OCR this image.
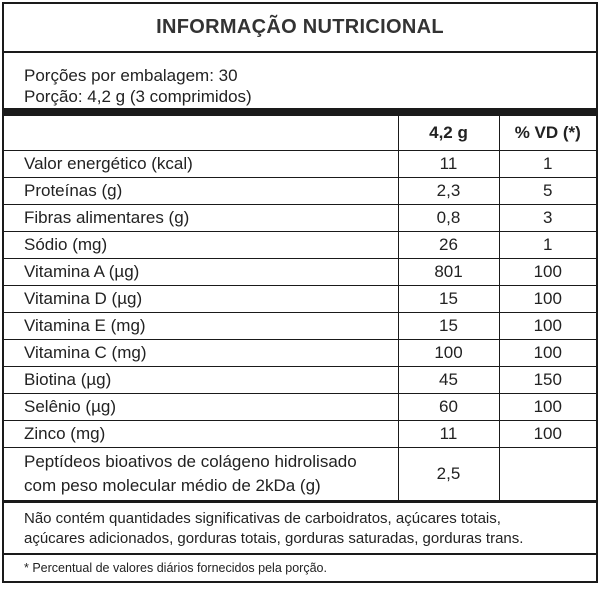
INFORMAÇÃO NUTRICIONAL
Porções por embalagem: 30
Porção: 4,2 g (3 comprimidos)
	4,2 g	% VD (*)
Valor energético (kcal)	11	1
Proteínas (g)	2,3	5
Fibras alimentares (g)	0,8	3
Sódio (mg)	26	1
Vitamina A (µg)	801	100
Vitamina D (µg)	15	100
Vitamina E (mg)	15	100
Vitamina C (mg)	100	100
Biotina (µg)	45	150
Selênio (µg)	60	100
Zinco (mg)	11	100

Peptídeos bioativos de colágeno hidrolisado
com peso molecular médio de 2kDa (g)	2,5	
Não contém quantidades significativas de carboidratos, açúcares totais,
açúcares adicionados, gorduras totais, gorduras saturadas, gorduras trans.
* Percentual de valores diários fornecidos pela porção.
